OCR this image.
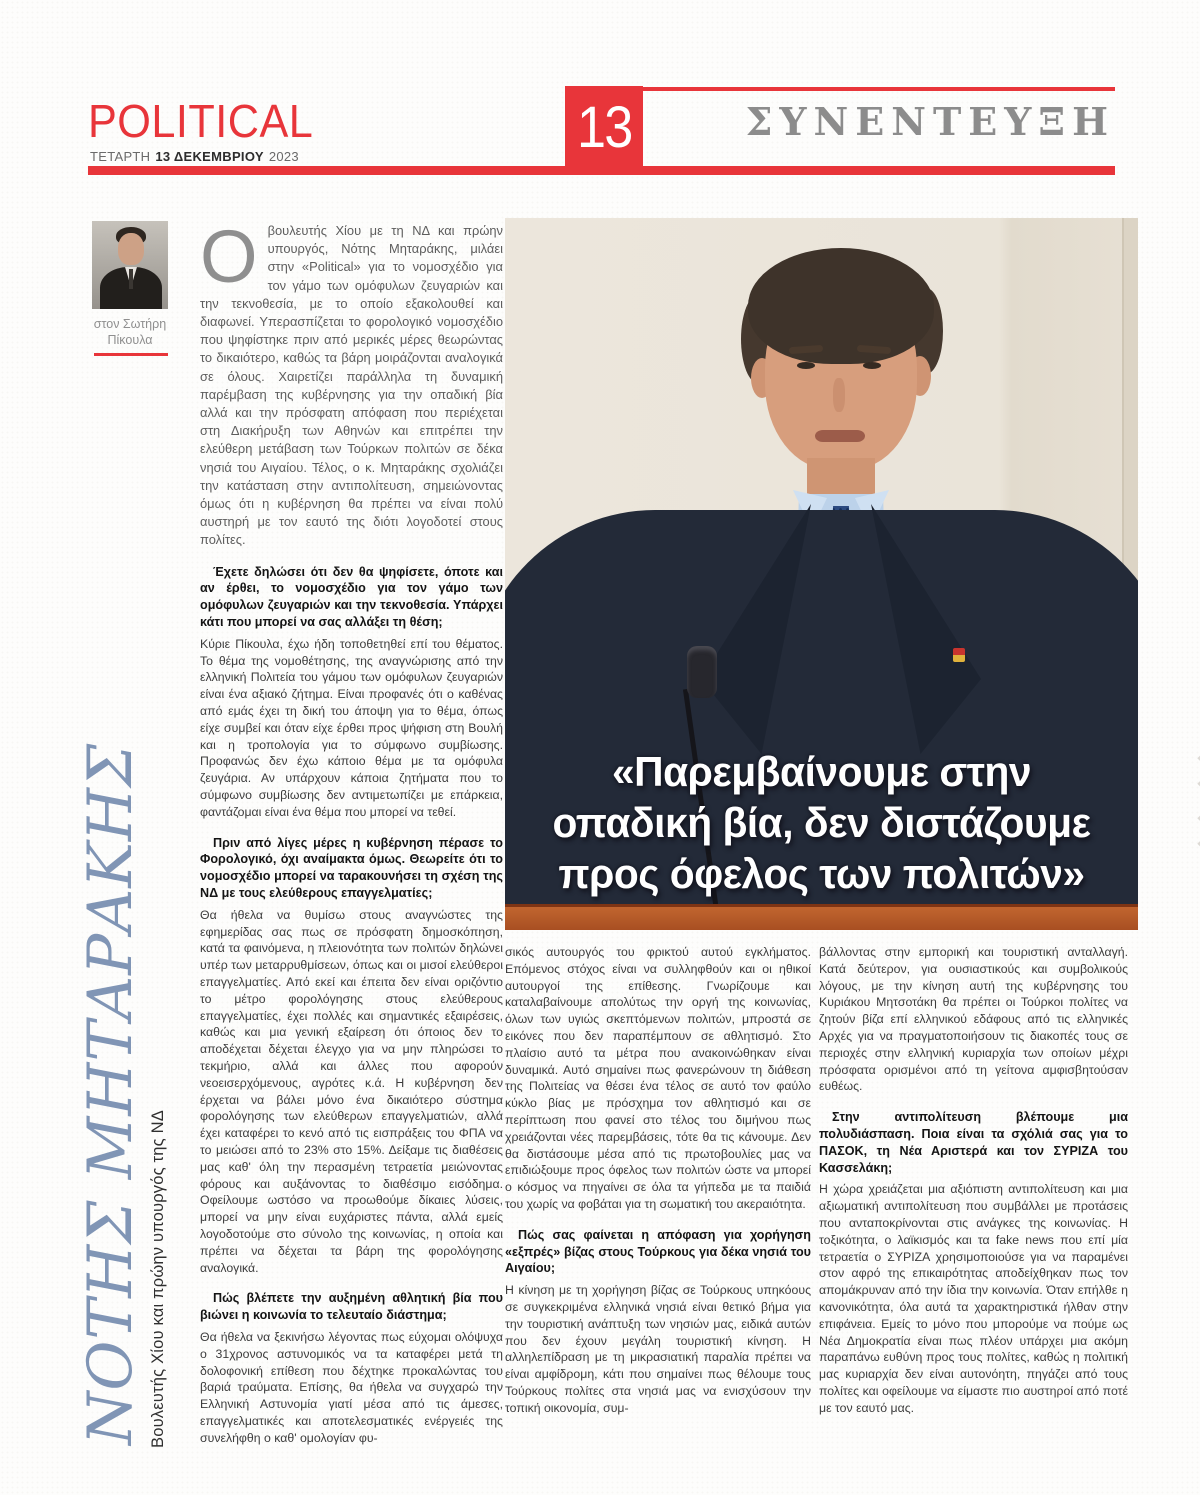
POLITICAL
ΤΕΤΑΡΤΗ 13 ΔΕΚΕΜΒΡΙΟΥ 2023	13	ΣΥΝΕΝΤΕΥΞΗ
στον Σωτήρη
Πίκουλα
ΝΟΤΗΣ ΜΗΤΑΡΑΚΗΣ Βουλευτής Χίου και πρώην υπουργός της ΝΔ
«Παρεμβαίνουμε στην
οπαδική βία, δεν διστάζουμε
προς όφελος των πολιτών»

Οβουλευτής Χίου με τη ΝΔ και πρώην υπουργός, Νότης Μηταράκης, μιλάει στην «Political» για το νομοσχέδιο για τον γάμο των ομόφυλων ζευγαριών και την τεκνοθεσία, με το οποίο εξακολουθεί και διαφωνεί. Υπερασπίζεται το φορολογικό νομοσχέδιο που ψηφίστηκε πριν από μερικές μέρες θεωρώντας το δικαιότερο, καθώς τα βάρη μοιράζονται αναλογικά σε όλους. Χαιρετίζει παράλληλα τη δυναμική παρέμβαση της κυβέρνησης για την οπαδική βία αλλά και την πρόσφατη απόφαση που περιέχεται στη Διακήρυξη των Αθηνών και επιτρέπει την ελεύθερη μετάβαση των Τούρκων πολιτών σε δέκα νησιά του Αιγαίου. Τέλος, ο κ. Μηταράκης σχολιάζει την κατάσταση στην αντιπολίτευση, σημειώνοντας όμως ότι η κυβέρνηση θα πρέπει να είναι πολύ αυστηρή με τον εαυτό της διότι λογοδοτεί στους πολίτες.

Έχετε δηλώσει ότι δεν θα ψηφίσετε, όποτε και αν έρθει, το νομοσχέδιο για τον γάμο των ομόφυλων ζευγαριών και την τεκνοθεσία. Υπάρχει κάτι που μπορεί να σας αλλάξει τη θέση;

Κύριε Πίκουλα, έχω ήδη τοποθετηθεί επί του θέματος. Το θέμα της νομοθέτησης, της αναγνώρισης από την ελληνική Πολιτεία του γάμου των ομόφυλων ζευγαριών είναι ένα αξιακό ζήτημα. Είναι προφανές ότι ο καθένας από εμάς έχει τη δική του άποψη για το θέμα, όπως είχε συμβεί και όταν είχε έρθει προς ψήφιση στη Βουλή και η τροπολογία για το σύμφωνο συμβίωσης. Προφανώς δεν έχω κάποιο θέμα με τα ομόφυλα ζευγάρια. Αν υπάρχουν κάποια ζητήματα που το σύμφωνο συμβίωσης δεν αντιμετωπίζει με επάρκεια, φαντάζομαι είναι ένα θέμα που μπορεί να τεθεί.

Πριν από λίγες μέρες η κυβέρνηση πέρασε το Φορολογικό, όχι αναίμακτα όμως. Θεωρείτε ότι το νομοσχέδιο μπορεί να ταρακουνήσει τη σχέση της ΝΔ με τους ελεύθερους επαγγελματίες;

Θα ήθελα να θυμίσω στους αναγνώστες της εφημερίδας σας πως σε πρόσφατη δημοσκόπηση, κατά τα φαινόμενα, η πλειονότητα των πολιτών δηλώνει υπέρ των μεταρρυθμίσεων, όπως και οι μισοί ελεύθεροι επαγγελματίες. Από εκεί και έπειτα δεν είναι οριζόντιο το μέτρο φορολόγησης στους ελεύθερους επαγγελματίες, έχει πολλές και σημαντικές εξαιρέσεις, καθώς και μια γενική εξαίρεση ότι όποιος δεν το αποδέχεται δέχεται έλεγχο για να μην πληρώσει το τεκμήριο, αλλά και άλλες που αφορούν νεοεισερχόμενους, αγρότες κ.ά. Η κυβέρνηση δεν έρχεται να βάλει μόνο ένα δικαιότερο σύστημα φορολόγησης των ελεύθερων επαγγελματιών, αλλά έχει καταφέρει το κενό από τις εισπράξεις του ΦΠΑ να το μειώσει από το 23% στο 15%. Δείξαμε τις διαθέσεις μας καθ' όλη την περασμένη τετραετία μειώνοντας φόρους και αυξάνοντας το διαθέσιμο εισόδημα. Οφείλουμε ωστόσο να προωθούμε δίκαιες λύσεις, μπορεί να μην είναι ευχάριστες πάντα, αλλά εμείς λογοδοτούμε στο σύνολο της κοινωνίας, η οποία και πρέπει να δέχεται τα βάρη της φορολόγησης αναλογικά.

Πώς βλέπετε την αυξημένη αθλητική βία που βιώνει η κοινωνία το τελευταίο διάστημα;

Θα ήθελα να ξεκινήσω λέγοντας πως εύχομαι ολόψυχα ο 31χρονος αστυνομικός να τα καταφέρει μετά τη δολοφονική επίθεση που δέχτηκε προκαλώντας του βαριά τραύματα. Επίσης, θα ήθελα να συγχαρώ την Ελληνική Αστυνομία γιατί μέσα από τις άμεσες, επαγγελματικές και αποτελεσματικές ενέργειές της συνελήφθη ο καθ' ομολογίαν φυ-

σικός αυτουργός του φρικτού αυτού εγκλήματος. Επόμενος στόχος είναι να συλληφθούν και οι ηθικοί αυτουργοί της επίθεσης. Γνωρίζουμε και καταλαβαίνουμε απολύτως την οργή της κοινωνίας, όλων των υγιώς σκεπτόμενων πολιτών, μπροστά σε εικόνες που δεν παραπέμπουν σε αθλητισμό. Στο πλαίσιο αυτό τα μέτρα που ανακοινώθηκαν είναι δυναμικά. Αυτό σημαίνει πως φανερώνουν τη διάθεση της Πολιτείας να θέσει ένα τέλος σε αυτό τον φαύλο κύκλο βίας με πρόσχημα τον αθλητισμό και σε περίπτωση που φανεί στο τέλος του διμήνου πως χρειάζονται νέες παρεμβάσεις, τότε θα τις κάνουμε. Δεν θα διστάσουμε μέσα από τις πρωτοβουλίες μας να επιδιώξουμε προς όφελος των πολιτών ώστε να μπορεί ο κόσμος να πηγαίνει σε όλα τα γήπεδα με τα παιδιά του χωρίς να φοβάται για τη σωματική του ακεραιότητα.

Πώς σας φαίνεται η απόφαση για χορήγηση «εξπρές» βίζας στους Τούρκους για δέκα νησιά του Αιγαίου;

Η κίνηση με τη χορήγηση βίζας σε Τούρκους υπηκόους σε συγκεκριμένα ελληνικά νησιά είναι θετικό βήμα για την τουριστική ανάπτυξη των νησιών μας, ειδικά αυτών που δεν έχουν μεγάλη τουριστική κίνηση. Η αλληλεπίδραση με τη μικρασιατική παραλία πρέπει να είναι αμφίδρομη, κάτι που σημαίνει πως θέλουμε τους Τούρκους πολίτες στα νησιά μας να ενισχύσουν την τοπική οικονομία, συμ-

βάλλοντας στην εμπορική και τουριστική ανταλλαγή. Κατά δεύτερον, για ουσιαστικούς και συμβολικούς λόγους, με την κίνηση αυτή της κυβέρνησης του Κυριάκου Μητσοτάκη θα πρέπει οι Τούρκοι πολίτες να ζητούν βίζα επί ελληνικού εδάφους από τις ελληνικές Αρχές για να πραγματοποιήσουν τις διακοπές τους σε περιοχές στην ελληνική κυριαρχία των οποίων μέχρι πρόσφατα ορισμένοι από τη γείτονα αμφισβητούσαν ευθέως.

Στην αντιπολίτευση βλέπουμε μια πολυδιάσπαση. Ποια είναι τα σχόλιά σας για το ΠΑΣΟΚ, τη Νέα Αριστερά και τον ΣΥΡΙΖΑ του Κασσελάκη;

Η χώρα χρειάζεται μια αξιόπιστη αντιπολίτευση και μια αξιωματική αντιπολίτευση που συμβάλλει με προτάσεις που ανταποκρίνονται στις ανάγκες της κοινωνίας. Η τοξικότητα, ο λαϊκισμός και τα fake news που επί μία τετραετία ο ΣΥΡΙΖΑ χρησιμοποιούσε για να παραμένει στον αφρό της επικαιρότητας αποδείχθηκαν πως τον απομάκρυναν από την ίδια την κοινωνία. Όταν επήλθε η κανονικότητα, όλα αυτά τα χαρακτηριστικά ήλθαν στην επιφάνεια. Εμείς το μόνο που μπορούμε να πούμε ως Νέα Δημοκρατία είναι πως πλέον υπάρχει μια ακόμη παραπάνω ευθύνη προς τους πολίτες, καθώς η πολιτική μας κυριαρχία δεν είναι αυτονόητη, πηγάζει από τους πολίτες και οφείλουμε να είμαστε πιο αυστηροί από ποτέ με τον εαυτό μας.
